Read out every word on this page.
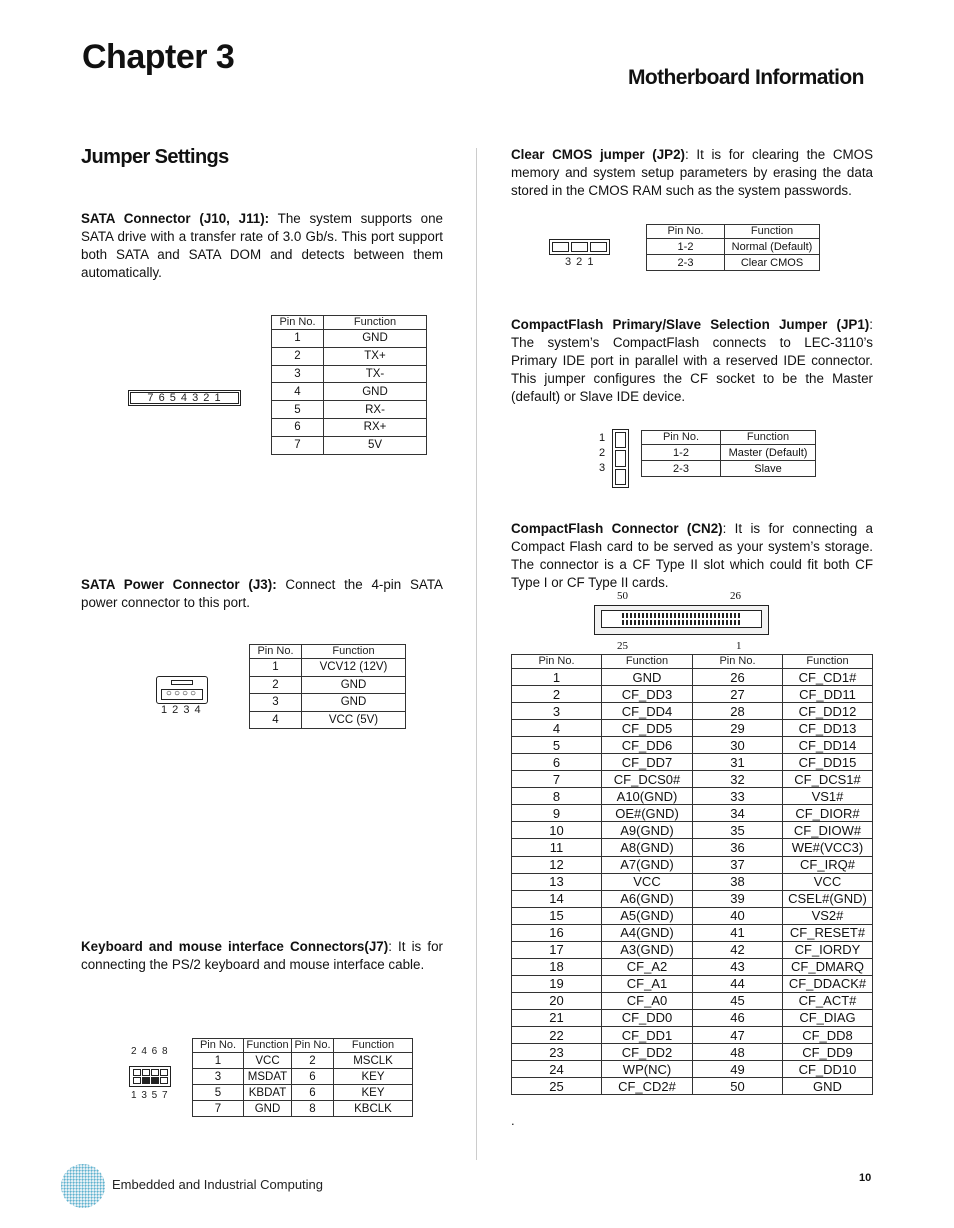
Chapter 3
Motherboard Information
Jumper Settings
SATA Connector (J10, J11): The system supports one SATA drive with a transfer rate of 3.0 Gb/s. This port support both SATA and SATA DOM and detects between them automatically.
7 6 5 4 3 2 1
Pin No.	Function
1	GND
2	TX+
3	TX-
4	GND
5	RX-
6	RX+
7	5V
SATA Power Connector (J3): Connect the 4-pin SATA power connector to this port.
○○○○
1 2 3 4
Pin No.	Function
1	VCV12 (12V)
2	GND
3	GND
4	VCC (5V)
Keyboard and mouse interface Connectors(J7): It is for connecting the PS/2 keyboard and mouse interface cable.
2 4 6 8
1 3 5 7
Pin No.	Function	Pin No.	Function
1	VCC	2	MSCLK
3	MSDAT	6	KEY
5	KBDAT	6	KEY
7	GND	8	KBCLK
Clear CMOS jumper (JP2): It is for clearing the CMOS memory and system setup parameters by erasing the data stored in the CMOS RAM such as the system passwords.
3 2 1
Pin No.	Function
1-2	Normal (Default)
2-3	Clear CMOS
CompactFlash Primary/Slave Selection Jumper (JP1): The system’s CompactFlash connects to LEC-3110’s Primary IDE port in parallel with a reserved IDE connector. This jumper configures the CF socket to be the Master (default) or Slave IDE device.
1
2
3
Pin No.	Function
1-2	Master (Default)
2-3	Slave
CompactFlash Connector (CN2): It is for connecting a Compact Flash card to be served as your system’s storage. The connector is a CF Type II slot which could fit both CF Type I or CF Type II cards.
50	26
25	1
Pin No.	Function	Pin No.	Function
1	GND	26	CF_CD1#
2	CF_DD3	27	CF_DD11
3	CF_DD4	28	CF_DD12
4	CF_DD5	29	CF_DD13
5	CF_DD6	30	CF_DD14
6	CF_DD7	31	CF_DD15
7	CF_DCS0#	32	CF_DCS1#
8	A10(GND)	33	VS1#
9	OE#(GND)	34	CF_DIOR#
10	A9(GND)	35	CF_DIOW#
11	A8(GND)	36	WE#(VCC3)
12	A7(GND)	37	CF_IRQ#
13	VCC	38	VCC
14	A6(GND)	39	CSEL#(GND)
15	A5(GND)	40	VS2#
16	A4(GND)	41	CF_RESET#
17	A3(GND)	42	CF_IORDY
18	CF_A2	43	CF_DMARQ
19	CF_A1	44	CF_DDACK#
20	CF_A0	45	CF_ACT#
21	CF_DD0	46	CF_DIAG
22	CF_DD1	47	CF_DD8
23	CF_DD2	48	CF_DD9
24	WP(NC)	49	CF_DD10
25	CF_CD2#	50	GND
.
Embedded and Industrial Computing	10
